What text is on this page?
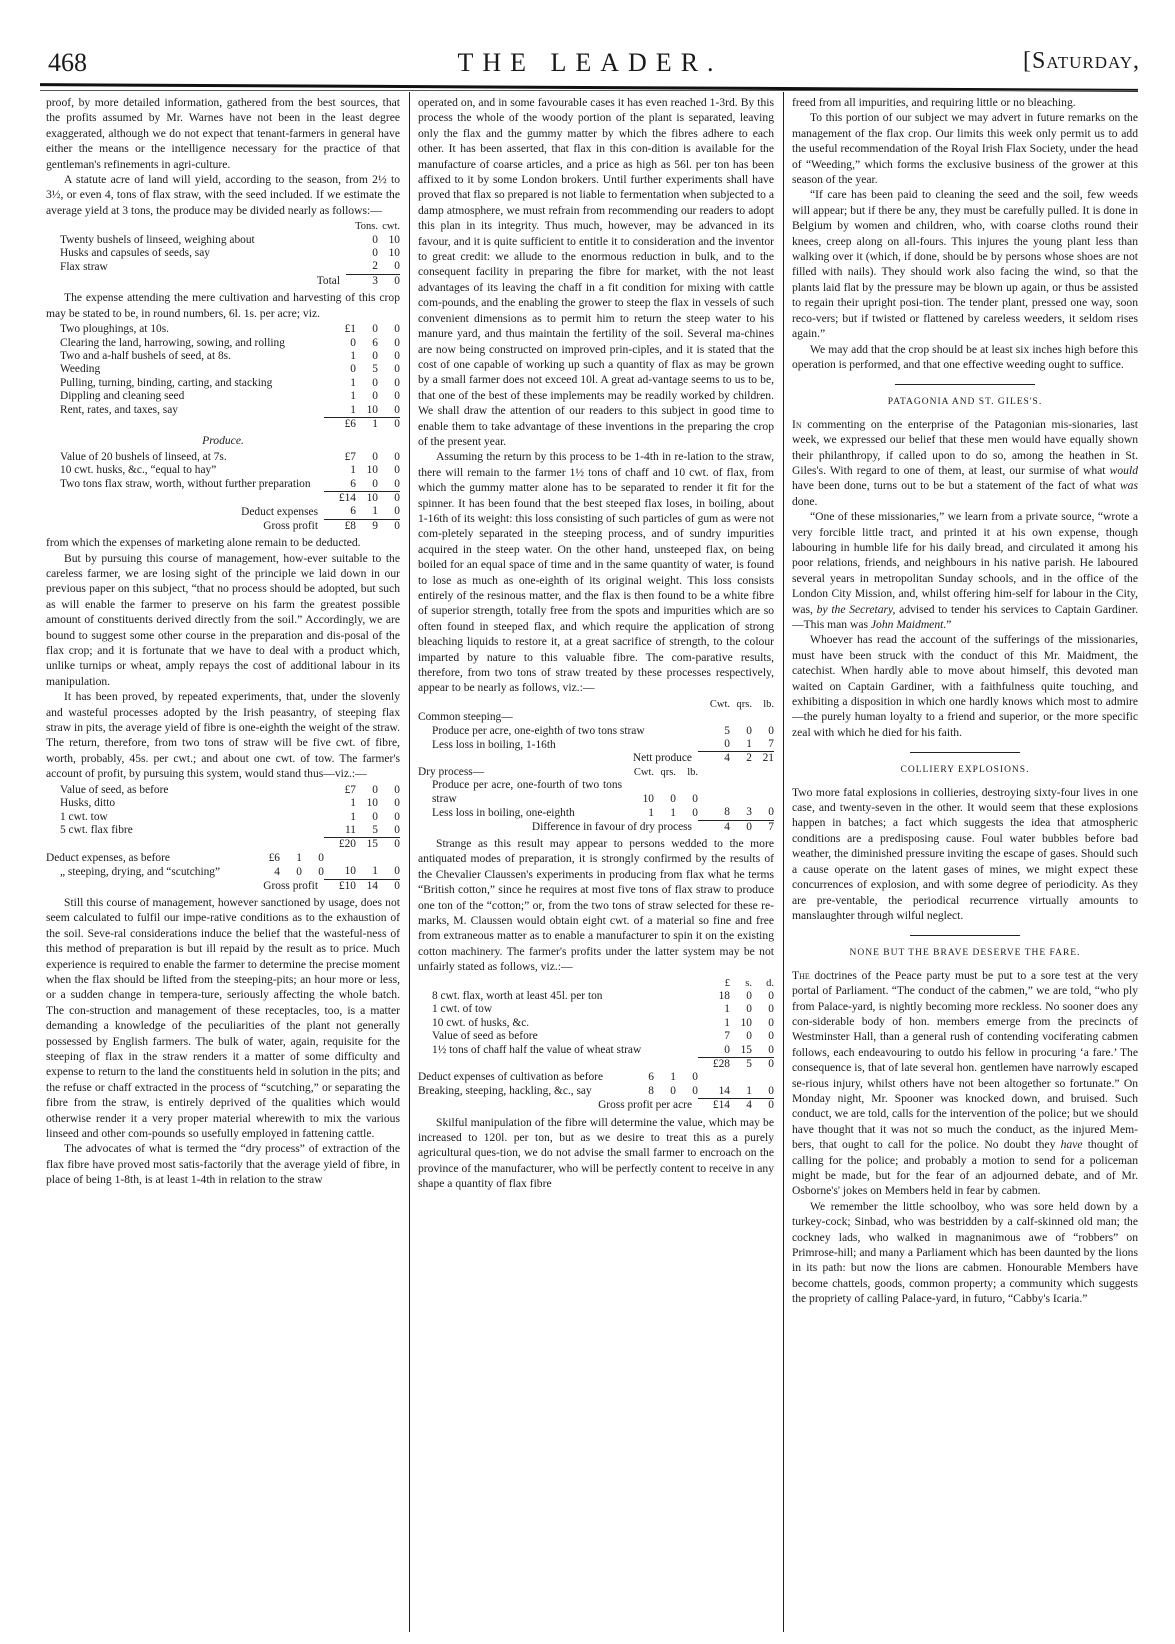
468	THE LEADER.	[Saturday,

proof, by more detailed information, gathered from the best sources, that the profits assumed by Mr. Warnes have not been in the least degree exaggerated, although we do not expect that tenant-farmers in general have either the means or the intelligence necessary for the practice of that gentleman's refinements in agri-culture.

A statute acre of land will yield, according to the season, from 2½ to 3½, or even 4, tons of flax straw, with the seed included. If we estimate the average yield at 3 tons, the produce may be divided nearly as follows:—

	Tons.	cwt.
Twenty bushels of linseed, weighing about	0	10
Husks and capsules of seeds, say	0	10
Flax straw	2	0
Total	3	0

The expense attending the mere cultivation and harvesting of this crop may be stated to be, in round numbers, 6l. 1s. per acre; viz.

Two ploughings, at 10s.	£1	0	0
Clearing the land, harrowing, sowing, and rolling	0	6	0
Two and a-half bushels of seed, at 8s.	1	0	0
Weeding	0	5	0
Pulling, turning, binding, carting, and stacking	1	0	0
Dippling and cleaning seed	1	0	0
Rent, rates, and taxes, say	1	10	0
	£6	1	0
Produce.
Value of 20 bushels of linseed, at 7s.	£7	0	0
10 cwt. husks, &c., “equal to hay”	1	10	0
Two tons flax straw, worth, without further preparation	6	0	0
	£14	10	0
Deduct expenses	6	1	0
Gross profit	£8	9	0

from which the expenses of marketing alone remain to be deducted.

But by pursuing this course of management, how-ever suitable to the careless farmer, we are losing sight of the principle we laid down in our previous paper on this subject, “that no process should be adopted, but such as will enable the farmer to preserve on his farm the greatest possible amount of constituents derived directly from the soil.” Accordingly, we are bound to suggest some other course in the preparation and dis-posal of the flax crop; and it is fortunate that we have to deal with a product which, unlike turnips or wheat, amply repays the cost of additional labour in its manipulation.

It has been proved, by repeated experiments, that, under the slovenly and wasteful processes adopted by the Irish peasantry, of steeping flax straw in pits, the average yield of fibre is one-eighth the weight of the straw. The return, therefore, from two tons of straw will be five cwt. of fibre, worth, probably, 45s. per cwt.; and about one cwt. of tow. The farmer's account of profit, by pursuing this system, would stand thus—viz.:—

Value of seed, as before				£7	0	0
Husks, ditto				1	10	0
1 cwt. tow				1	0	0
5 cwt. flax fibre				11	5	0
				£20	15	0
Deduct expenses, as before	£6	1	0			
„ steeping, drying, and “scutching”	4	0	0	10	1	0
Gross profit				£10	14	0

Still this course of management, however sanctioned by usage, does not seem calculated to fulfil our impe-rative conditions as to the exhaustion of the soil. Seve-ral considerations induce the belief that the wasteful-ness of this method of preparation is but ill repaid by the result as to price. Much experience is required to enable the farmer to determine the precise moment when the flax should be lifted from the steeping-pits; an hour more or less, or a sudden change in tempera-ture, seriously affecting the whole batch. The con-struction and management of these receptacles, too, is a matter demanding a knowledge of the peculiarities of the plant not generally possessed by English farmers. The bulk of water, again, requisite for the steeping of flax in the straw renders it a matter of some difficulty and expense to return to the land the constituents held in solution in the pits; and the refuse or chaff extracted in the process of “scutching,” or separating the fibre from the straw, is entirely deprived of the qualities which would otherwise render it a very proper material wherewith to mix the various linseed and other com-pounds so usefully employed in fattening cattle.

The advocates of what is termed the “dry process” of extraction of the flax fibre have proved most satis-factorily that the average yield of fibre, in place of being 1-8th, is at least 1-4th in relation to the straw

operated on, and in some favourable cases it has even reached 1-3rd. By this process the whole of the woody portion of the plant is separated, leaving only the flax and the gummy matter by which the fibres adhere to each other. It has been asserted, that flax in this con-dition is available for the manufacture of coarse articles, and a price as high as 56l. per ton has been affixed to it by some London brokers. Until further experiments shall have proved that flax so prepared is not liable to fermentation when subjected to a damp atmosphere, we must refrain from recommending our readers to adopt this plan in its integrity. Thus much, however, may be advanced in its favour, and it is quite sufficient to entitle it to consideration and the inventor to great credit: we allude to the enormous reduction in bulk, and to the consequent facility in preparing the fibre for market, with the not least advantages of its leaving the chaff in a fit condition for mixing with cattle com-pounds, and the enabling the grower to steep the flax in vessels of such convenient dimensions as to permit him to return the steep water to his manure yard, and thus maintain the fertility of the soil. Several ma-chines are now being constructed on improved prin-ciples, and it is stated that the cost of one capable of working up such a quantity of flax as may be grown by a small farmer does not exceed 10l. A great ad-vantage seems to us to be, that one of the best of these implements may be readily worked by children. We shall draw the attention of our readers to this subject in good time to enable them to take advantage of these inventions in the preparing the crop of the present year.

Assuming the return by this process to be 1-4th in re-lation to the straw, there will remain to the farmer 1½ tons of chaff and 10 cwt. of flax, from which the gummy matter alone has to be separated to render it fit for the spinner. It has been found that the best steeped flax loses, in boiling, about 1-16th of its weight: this loss consisting of such particles of gum as were not com-pletely separated in the steeping process, and of sundry impurities acquired in the steep water. On the other hand, unsteeped flax, on being boiled for an equal space of time and in the same quantity of water, is found to lose as much as one-eighth of its original weight. This loss consists entirely of the resinous matter, and the flax is then found to be a white fibre of superior strength, totally free from the spots and impurities which are so often found in steeped flax, and which require the application of strong bleaching liquids to restore it, at a great sacrifice of strength, to the colour imparted by nature to this valuable fibre. The com-parative results, therefore, from two tons of straw treated by these processes respectively, appear to be nearly as follows, viz.:—

				Cwt.	qrs.	lb.
Common steeping—						
Produce per acre, one-eighth of two tons straw				5	0	0
Less loss in boiling, 1-16th				0	1	7
Nett produce				4	2	21
Dry process—	Cwt.	qrs.	lb.			
Produce per acre, one-fourth of two tons straw	10	0	0			
Less loss in boiling, one-eighth	1	1	0	8	3	0
Difference in favour of dry process				4	0	7

Strange as this result may appear to persons wedded to the more antiquated modes of preparation, it is strongly confirmed by the results of the Chevalier Claussen's experiments in producing from flax what he terms “British cotton,” since he requires at most five tons of flax straw to produce one ton of the “cotton;” or, from the two tons of straw selected for these re-marks, M. Claussen would obtain eight cwt. of a material so fine and free from extraneous matter as to enable a manufacturer to spin it on the existing cotton machinery. The farmer's profits under the latter system may be not unfairly stated as follows, viz.:—

				£	s.	d.
8 cwt. flax, worth at least 45l. per ton				18	0	0
1 cwt. of tow				1	0	0
10 cwt. of husks, &c.				1	10	0
Value of seed as before				7	0	0
1½ tons of chaff half the value of wheat straw				0	15	0
				£28	5	0
Deduct expenses of cultivation as before	6	1	0			
Breaking, steeping, hackling, &c., say	8	0	0	14	1	0
Gross profit per acre				£14	4	0

Skilful manipulation of the fibre will determine the value, which may be increased to 120l. per ton, but as we desire to treat this as a purely agricultural ques-tion, we do not advise the small farmer to encroach on the province of the manufacturer, who will be perfectly content to receive in any shape a quantity of flax fibre

freed from all impurities, and requiring little or no bleaching.

To this portion of our subject we may advert in future remarks on the management of the flax crop. Our limits this week only permit us to add the useful recommendation of the Royal Irish Flax Society, under the head of “Weeding,” which forms the exclusive business of the grower at this season of the year.

“If care has been paid to cleaning the seed and the soil, few weeds will appear; but if there be any, they must be carefully pulled. It is done in Belgium by women and children, who, with coarse cloths round their knees, creep along on all-fours. This injures the young plant less than walking over it (which, if done, should be by persons whose shoes are not filled with nails). They should work also facing the wind, so that the plants laid flat by the pressure may be blown up again, or thus be assisted to regain their upright posi-tion. The tender plant, pressed one way, soon reco-vers; but if twisted or flattened by careless weeders, it seldom rises again.”

We may add that the crop should be at least six inches high before this operation is performed, and that one effective weeding ought to suffice.

PATAGONIA AND ST. GILES'S.

In commenting on the enterprise of the Patagonian mis-sionaries, last week, we expressed our belief that these men would have equally shown their philanthropy, if called upon to do so, among the heathen in St. Giles's. With regard to one of them, at least, our surmise of what would have been done, turns out to be but a statement of the fact of what was done.

“One of these missionaries,” we learn from a private source, “wrote a very forcible little tract, and printed it at his own expense, though labouring in humble life for his daily bread, and circulated it among his poor relations, friends, and neighbours in his native parish. He laboured several years in metropolitan Sunday schools, and in the office of the London City Mission, and, whilst offering him-self for labour in the City, was, by the Secretary, advised to tender his services to Captain Gardiner.—This man was John Maidment.”

Whoever has read the account of the sufferings of the missionaries, must have been struck with the conduct of this Mr. Maidment, the catechist. When hardly able to move about himself, this devoted man waited on Captain Gardiner, with a faithfulness quite touching, and exhibiting a disposition in which one hardly knows which most to admire—the purely human loyalty to a friend and superior, or the more specific zeal with which he died for his faith.

COLLIERY EXPLOSIONS.

Two more fatal explosions in collieries, destroying sixty-four lives in one case, and twenty-seven in the other. It would seem that these explosions happen in batches; a fact which suggests the idea that atmospheric conditions are a predisposing cause. Foul water bubbles before bad weather, the diminished pressure inviting the escape of gases. Should such a cause operate on the latent gases of mines, we might expect these concurrences of explosion, and with some degree of periodicity. As they are pre-ventable, the periodical recurrence virtually amounts to manslaughter through wilful neglect.

NONE BUT THE BRAVE DESERVE THE FARE.

The doctrines of the Peace party must be put to a sore test at the very portal of Parliament. “The conduct of the cabmen,” we are told, “who ply from Palace-yard, is nightly becoming more reckless. No sooner does any con-siderable body of hon. members emerge from the precincts of Westminster Hall, than a general rush of contending vociferating cabmen follows, each endeavouring to outdo his fellow in procuring ‘a fare.’ The consequence is, that of late several hon. gentlemen have narrowly escaped se-rious injury, whilst others have not been altogether so fortunate.” On Monday night, Mr. Spooner was knocked down, and bruised. Such conduct, we are told, calls for the intervention of the police; but we should have thought that it was not so much the conduct, as the injured Mem-bers, that ought to call for the police. No doubt they have thought of calling for the police; and probably a motion to send for a policeman might be made, but for the fear of an adjourned debate, and of Mr. Osborne's' jokes on Members held in fear by cabmen.

We remember the little schoolboy, who was sore held down by a turkey-cock; Sinbad, who was bestridden by a calf-skinned old man; the cockney lads, who walked in magnanimous awe of “robbers” on Primrose-hill; and many a Parliament which has been daunted by the lions in its path: but now the lions are cabmen. Honourable Members have become chattels, goods, common property; a community which suggests the propriety of calling Palace-yard, in futuro, “Cabby's Icaria.”
